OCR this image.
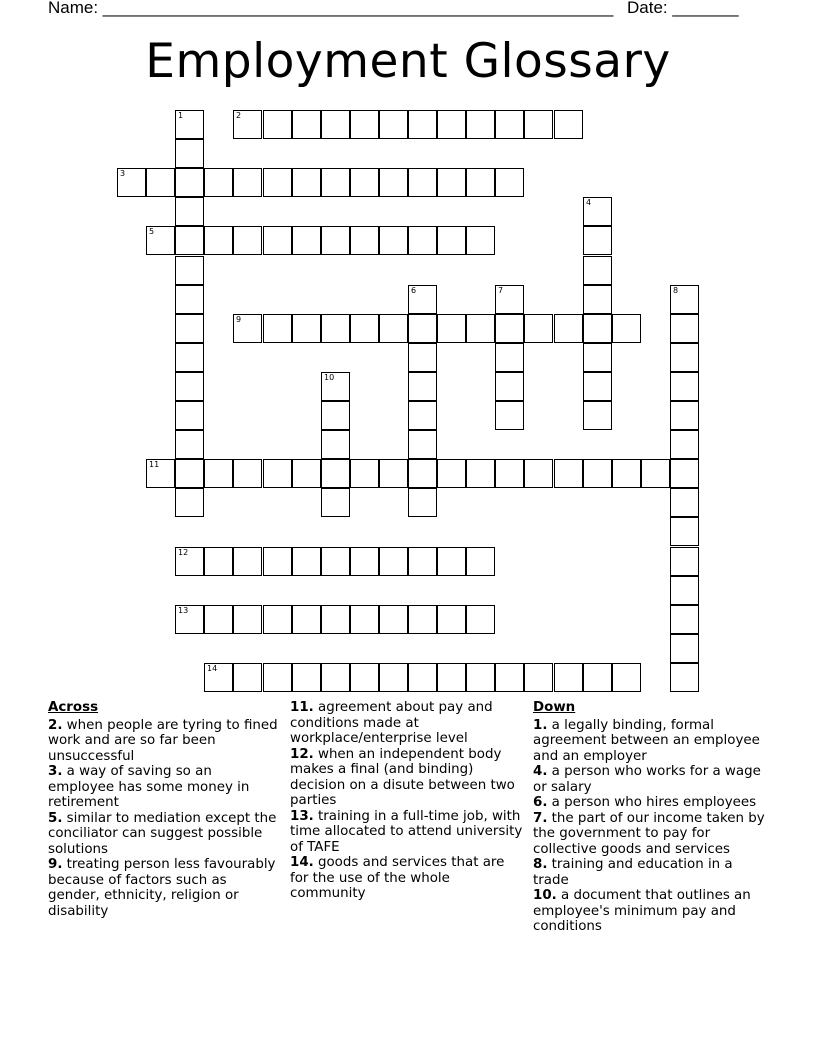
Name: ______________________________________________________ Date: _______
Employment Glossary
1	2
3
4
5
6	7	8
9
10
11
12
13
14
Across
2. when people are tyring to fined work and are so far been unsuccessful
3. a way of saving so an employee has some money in retirement
5. similar to mediation except the conciliator can suggest possible solutions
9. treating person less favourably because of factors such as gender, ethnicity, religion or disability
11. agreement about pay and conditions made at workplace/enterprise level
12. when an independent body makes a final (and binding) decision on a disute between two parties
13. training in a full-time job, with time allocated to attend university of TAFE
14. goods and services that are for the use of the whole community
Down
1. a legally binding, formal agreement between an employee and an employer
4. a person who works for a wage or salary
6. a person who hires employees
7. the part of our income taken by the government to pay for collective goods and services
8. training and education in a trade
10. a document that outlines an employee's minimum pay and conditions
